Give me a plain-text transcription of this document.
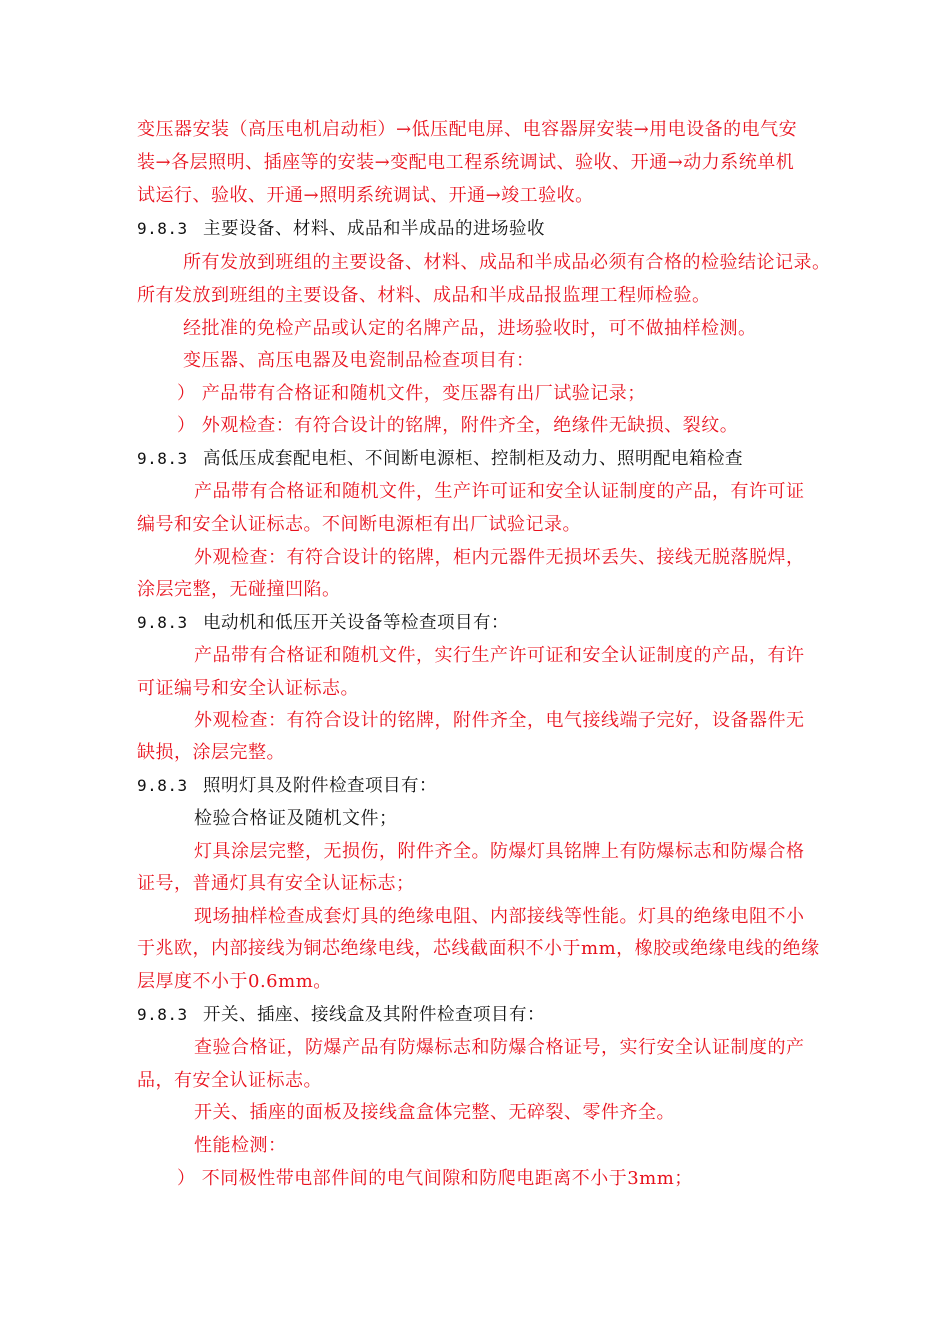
变压器安装（高压电机启动柜）→低压配电屏、电容器屏安装→用电设备的电气安
装→各层照明、插座等的安装→变配电工程系统调试、验收、开通→动力系统单机
试运行、验收、开通→照明系统调试、开通→竣工验收。
9.8.3 主要设备、材料、成品和半成品的进场验收
所有发放到班组的主要设备、材料、成品和半成品必须有合格的检验结论记录。
所有发放到班组的主要设备、材料、成品和半成品报监理工程师检验。
经批准的免检产品或认定的名牌产品，进场验收时，可不做抽样检测。
变压器、高压电器及电瓷制品检查项目有：
） 产品带有合格证和随机文件，变压器有出厂试验记录；
） 外观检查：有符合设计的铭牌，附件齐全，绝缘件无缺损、裂纹。
9.8.3 高低压成套配电柜、不间断电源柜、控制柜及动力、照明配电箱检查
产品带有合格证和随机文件，生产许可证和安全认证制度的产品，有许可证
编号和安全认证标志。不间断电源柜有出厂试验记录。
外观检查：有符合设计的铭牌，柜内元器件无损坏丢失、接线无脱落脱焊，
涂层完整，无碰撞凹陷。
9.8.3 电动机和低压开关设备等检查项目有：
产品带有合格证和随机文件，实行生产许可证和安全认证制度的产品，有许
可证编号和安全认证标志。
外观检查：有符合设计的铭牌，附件齐全，电气接线端子完好，设备器件无
缺损，涂层完整。
9.8.3 照明灯具及附件检查项目有：
检验合格证及随机文件；
灯具涂层完整，无损伤，附件齐全。防爆灯具铭牌上有防爆标志和防爆合格
证号，普通灯具有安全认证标志；
现场抽样检查成套灯具的绝缘电阻、内部接线等性能。灯具的绝缘电阻不小
于兆欧，内部接线为铜芯绝缘电线，芯线截面积不小于mm，橡胶或绝缘电线的绝缘
层厚度不小于0.6mm。
9.8.3 开关、插座、接线盒及其附件检查项目有：
查验合格证，防爆产品有防爆标志和防爆合格证号，实行安全认证制度的产
品，有安全认证标志。
开关、插座的面板及接线盒盒体完整、无碎裂、零件齐全。
性能检测：
） 不同极性带电部件间的电气间隙和防爬电距离不小于3mm；
